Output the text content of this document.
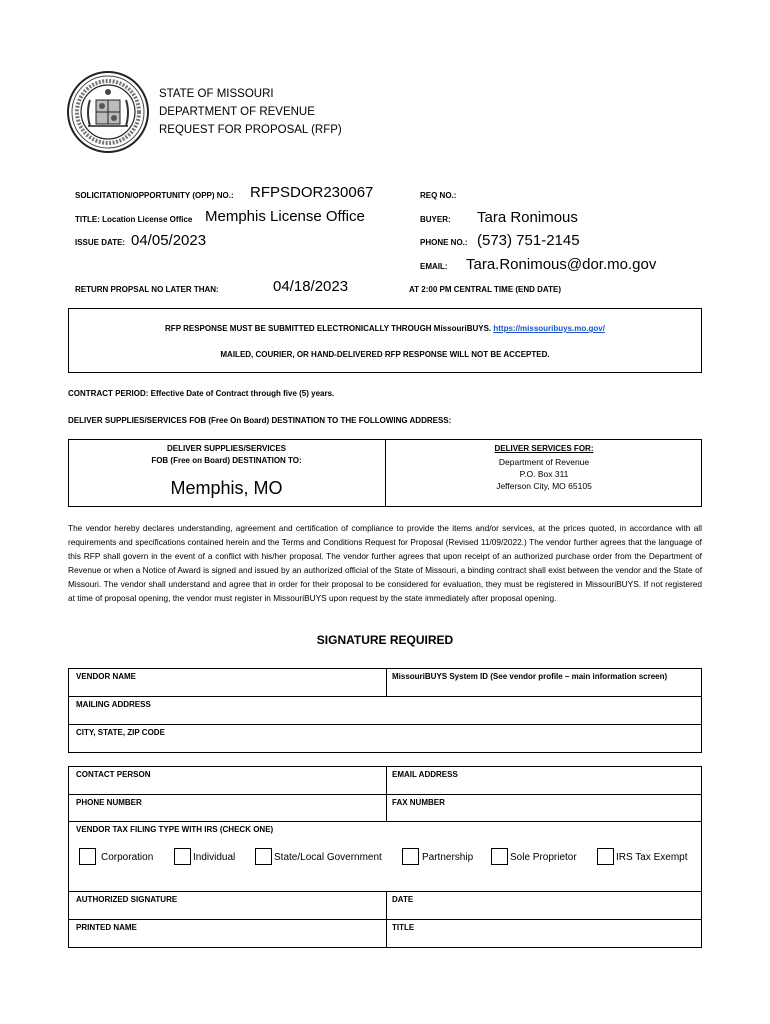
STATE OF MISSOURI
DEPARTMENT OF REVENUE
REQUEST FOR PROPOSAL (RFP)
SOLICITATION/OPPORTUNITY (OPP) NO.: RFPSDOR230067
TITLE: Location License Office Memphis License Office
ISSUE DATE: 04/05/2023
RETURN PROPSAL NO LATER THAN:	04/18/2023
REQ NO.:
BUYER: Tara Ronimous
PHONE NO.: (573) 751-2145
EMAIL: Tara.Ronimous@dor.mo.gov
AT 2:00 PM CENTRAL TIME (END DATE)
RFP RESPONSE MUST BE SUBMITTED ELECTRONICALLY THROUGH MissouriBUYS. https://missouribuys.mo.gov/
MAILED, COURIER, OR HAND-DELIVERED RFP RESPONSE WILL NOT BE ACCEPTED.
CONTRACT PERIOD: Effective Date of Contract through five (5) years.
DELIVER SUPPLIES/SERVICES FOB (Free On Board) DESTINATION TO THE FOLLOWING ADDRESS:
DELIVER SUPPLIES/SERVICES
FOB (Free on Board) DESTINATION TO:
Memphis, MO
DELIVER SERVICES FOR:
Department of Revenue
P.O. Box 311
Jefferson City, MO 65105
The vendor hereby declares understanding, agreement and certification of compliance to provide the items and/or services, at the prices quoted, in accordance with all requirements and specifications contained herein and the Terms and Conditions Request for Proposal (Revised 11/09/2022.) The vendor further agrees that the language of this RFP shall govern in the event of a conflict with his/her proposal. The vendor further agrees that upon receipt of an authorized purchase order from the Department of Revenue or when a Notice of Award is signed and issued by an authorized official of the State of Missouri, a binding contract shall exist between the vendor and the State of Missouri. The vendor shall understand and agree that in order for their proposal to be considered for evaluation, they must be registered in MissouriBUYS. If not registered at time of proposal opening, the vendor must register in MissouriBUYS upon request by the state immediately after proposal opening.
SIGNATURE REQUIRED
VENDOR NAME	MissouriBUYS System ID (See vendor profile – main information screen)
MAILING ADDRESS
CITY, STATE, ZIP CODE
CONTACT PERSON	EMAIL ADDRESS
PHONE NUMBER	FAX NUMBER
VENDOR TAX FILING TYPE WITH IRS (CHECK ONE)
Corporation	Individual	State/Local Government	Partnership	Sole Proprietor	IRS Tax Exempt
AUTHORIZED SIGNATURE	DATE
PRINTED NAME	TITLE
